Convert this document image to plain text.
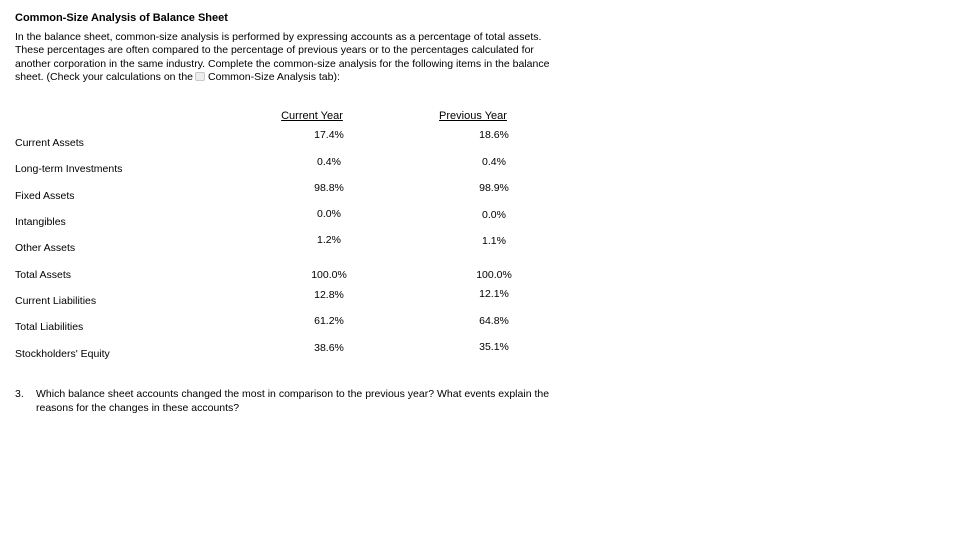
Common-Size Analysis of Balance Sheet
In the balance sheet, common-size analysis is performed by expressing accounts as a percentage of total assets. These percentages are often compared to the percentage of previous years or to the percentages calculated for another corporation in the same industry. Complete the common-size analysis for the following items in the balance sheet. (Check your calculations on the Common-Size Analysis tab):
Current Year	Previous Year
Current Assets
Long-term Investments
Fixed Assets
Intangibles
Other Assets
Total Assets
Current Liabilities
Total Liabilities
Stockholders' Equity
17.4%
0.4%
98.8%
0.0%
1.2%
100.0%
12.8%
61.2%
38.6%
18.6%
0.4%
98.9%
0.0%
1.1%
100.0%
12.1%
64.8%
35.1%
3. Which balance sheet accounts changed the most in comparison to the previous year? What events explain the reasons for the changes in these accounts?
